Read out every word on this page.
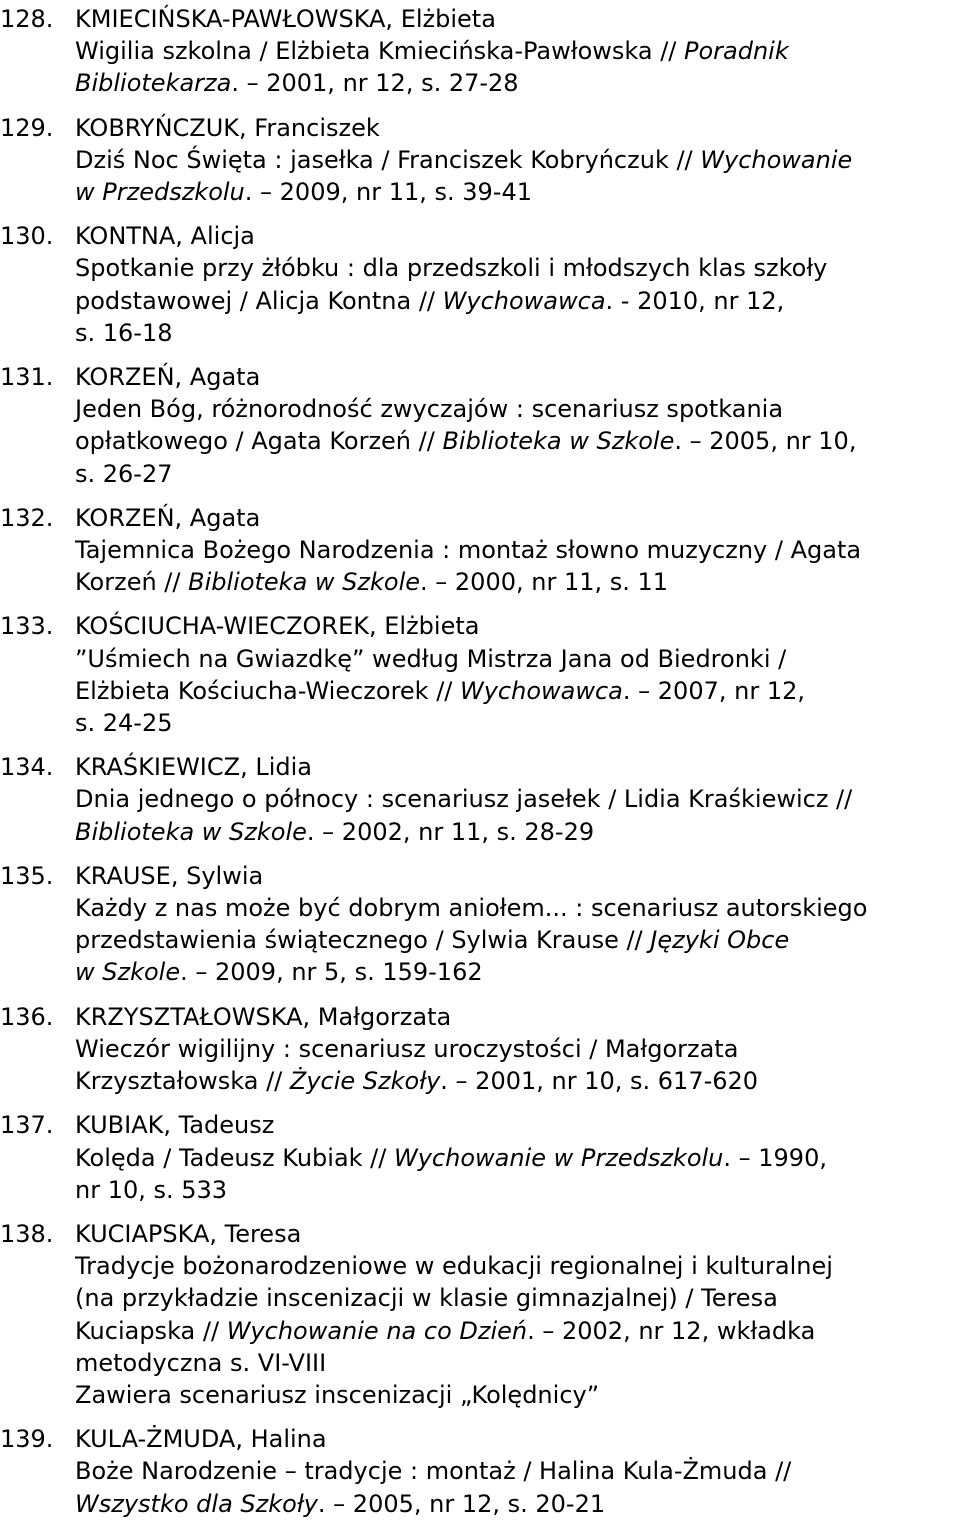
128. KMIECIŃSKA-PAWŁOWSKA, Elżbieta
Wigilia szkolna / Elżbieta Kmiecińska-Pawłowska // Poradnik
Bibliotekarza. – 2001, nr 12, s. 27-28
129. KOBRYŃCZUK, Franciszek
Dziś Noc Święta : jasełka / Franciszek Kobryńczuk // Wychowanie
w Przedszkolu. – 2009, nr 11, s. 39-41
130. KONTNA, Alicja
Spotkanie przy żłóbku : dla przedszkoli i młodszych klas szkoły
podstawowej / Alicja Kontna // Wychowawca. - 2010, nr 12,
s. 16-18
131. KORZEŃ, Agata
Jeden Bóg, różnorodność zwyczajów : scenariusz spotkania
opłatkowego / Agata Korzeń // Biblioteka w Szkole. – 2005, nr 10,
s. 26-27
132. KORZEŃ, Agata
Tajemnica Bożego Narodzenia : montaż słowno muzyczny / Agata
Korzeń // Biblioteka w Szkole. – 2000, nr 11, s. 11
133. KOŚCIUCHA-WIECZOREK, Elżbieta
”Uśmiech na Gwiazdkę” według Mistrza Jana od Biedronki /
Elżbieta Kościucha-Wieczorek // Wychowawca. – 2007, nr 12,
s. 24-25
134. KRAŚKIEWICZ, Lidia
Dnia jednego o północy : scenariusz jasełek / Lidia Kraśkiewicz //
Biblioteka w Szkole. – 2002, nr 11, s. 28-29
135. KRAUSE, Sylwia
Każdy z nas może być dobrym aniołem... : scenariusz autorskiego
przedstawienia świątecznego / Sylwia Krause // Języki Obce
w Szkole. – 2009, nr 5, s. 159-162
136. KRZYSZTAŁOWSKA, Małgorzata
Wieczór wigilijny : scenariusz uroczystości / Małgorzata
Krzyształowska // Życie Szkoły. – 2001, nr 10, s. 617-620
137. KUBIAK, Tadeusz
Kolęda / Tadeusz Kubiak // Wychowanie w Przedszkolu. – 1990,
nr 10, s. 533
138. KUCIAPSKA, Teresa
Tradycje bożonarodzeniowe w edukacji regionalnej i kulturalnej
(na przykładzie inscenizacji w klasie gimnazjalnej) / Teresa
Kuciapska // Wychowanie na co Dzień. – 2002, nr 12, wkładka
metodyczna s. VI-VIII
Zawiera scenariusz inscenizacji „Kolędnicy”
139. KULA-ŻMUDA, Halina
Boże Narodzenie – tradycje : montaż / Halina Kula-Żmuda //
Wszystko dla Szkoły. – 2005, nr 12, s. 20-21
